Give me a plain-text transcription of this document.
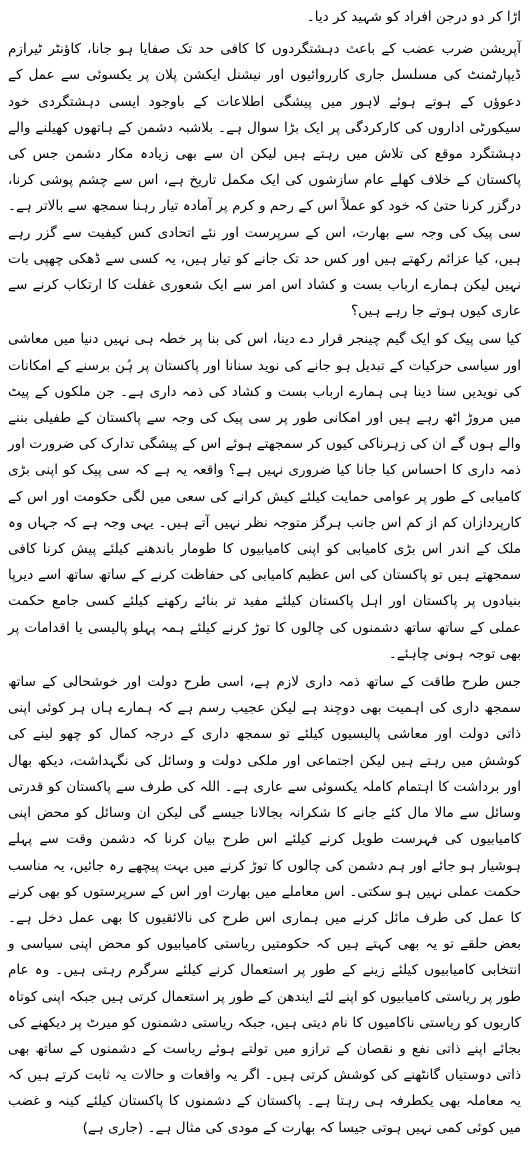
اڑا کر دو درجن افراد کو شہید کر دیا۔

آپریشن ضرب عضب کے باعث دہشتگردوں کا کافی حد تک صفایا ہو جانا، کاؤنٹر ٹیرازم ڈیپارٹمنٹ کی مسلسل جاری کارروائیوں اور نیشنل ایکشن پلان پر یکسوئی سے عمل کے دعوؤں کے ہوتے ہوئے لاہور میں پیشگی اطلاعات کے باوجود ایسی دہشتگردی خود سیکورٹی اداروں کی کارکردگی پر ایک بڑا سوال ہے۔ بلاشبہ دشمن کے ہاتھوں کھیلنے والے دہشتگرد موقع کی تلاش میں رہتے ہیں لیکن ان سے بھی زیادہ مکار دشمن جس کی پاکستان کے خلاف کھلے عام سازشوں کی ایک مکمل تاریخ ہے، اس سے چشم پوشی کرنا، درگزر کرنا حتیٰ کہ خود کو عملاً اس کے رحم و کرم پر آمادہ تیار رہنا سمجھ سے بالاتر ہے۔ سی پیک کی وجہ سے بھارت، اس کے سرپرست اور نئے اتحادی کس کیفیت سے گزر رہے ہیں، کیا عزائم رکھتے ہیں اور کس حد تک جانے کو تیار ہیں، یہ کسی سے ڈھکی چھپی بات نہیں لیکن ہمارے ارباب بست و کشاد اس امر سے ایک شعوری غفلت کا ارتکاب کرنے سے عاری کیوں ہوتے جا رہے ہیں؟

کیا سی پیک کو ایک گیم چینجر قرار دے دینا، اس کی بنا پر خطہ ہی نہیں دنیا میں معاشی اور سیاسی حرکیات کے تبدیل ہو جانے کی نوید سنانا اور پاکستان پر ہُن برسنے کے امکانات کی نویدیں سنا دینا ہی ہمارے ارباب بست و کشاد کی ذمہ داری ہے۔ جن ملکوں کے پیٹ میں مروڑ اٹھ رہے ہیں اور امکانی طور پر سی پیک کی وجہ سے پاکستان کے طفیلی بننے والے ہوں گے ان کی زہرناکی کیوں کر سمجھتے ہوئے اس کے پیشگی تدارک کی ضرورت اور ذمہ داری کا احساس کیا جانا کیا ضروری نہیں ہے؟ واقعہ یہ ہے کہ سی پیک کو اپنی بڑی کامیابی کے طور پر عوامی حمایت کیلئے کیش کرانے کی سعی میں لگی حکومت اور اس کے کارپردازان کم از کم اس جانب ہرگز متوجہ نظر نہیں آتے ہیں۔ یہی وجہ ہے کہ جہاں وہ ملک کے اندر اس بڑی کامیابی کو اپنی کامیابیوں کا طومار باندھنے کیلئے پیش کرنا کافی سمجھتے ہیں تو پاکستان کی اس عظیم کامیابی کی حفاظت کرنے کے ساتھ ساتھ اسے دیرپا بنیادوں پر پاکستان اور اہل پاکستان کیلئے مفید تر بنائے رکھنے کیلئے کسی جامع حکمت عملی کے ساتھ ساتھ دشمنوں کی چالوں کا توڑ کرنے کیلئے ہمہ پہلو پالیسی یا اقدامات پر بھی توجہ ہونی چاہئے۔

جس طرح طاقت کے ساتھ ذمہ داری لازم ہے، اسی طرح دولت اور خوشحالی کے ساتھ سمجھ داری کی اہمیت بھی دوچند ہے لیکن عجیب رسم ہے کہ ہمارے ہاں ہر کوئی اپنی ذاتی دولت اور معاشی پالیسیوں کیلئے تو سمجھ داری کے درجہ کمال کو چھو لینے کی کوشش میں رہتے ہیں لیکن اجتماعی اور ملکی دولت و وسائل کی نگہداشت، دیکھ بھال اور برداشت کا اہتمام کاملہ یکسوئی سے عاری ہے۔ اللہ کی طرف سے پاکستان کو قدرتی وسائل سے مالا مال کئے جانے کا شکرانہ بجالانا جیسے گی لیکن ان وسائل کو محض اپنی کامیابیوں کی فہرست طویل کرنے کیلئے اس طرح بیان کرنا کہ دشمن وقت سے پہلے ہوشیار ہو جائے اور ہم دشمن کی چالوں کا توڑ کرنے میں بہت پیچھے رہ جائیں، یہ مناسب حکمت عملی نہیں ہو سکتی۔ اس معاملے میں بھارت اور اس کے سرپرستوں کو بھی کرنے کا عمل کی طرف مائل کرنے میں ہماری اس طرح کی نالائقیوں کا بھی عمل دخل ہے۔ بعض حلقے تو یہ بھی کہتے ہیں کہ حکومتیں ریاستی کامیابیوں کو محض اپنی سیاسی و انتخابی کامیابیوں کیلئے زینے کے طور پر استعمال کرنے کیلئے سرگرم رہتی ہیں۔ وہ عام طور پر ریاستی کامیابیوں کو اپنے لئے ایندھن کے طور پر استعمال کرتی ہیں جبکہ اپنی کوتاہ کاریوں کو ریاستی ناکامیوں کا نام دیتی ہیں، جبکہ ریاستی دشمنوں کو میرٹ پر دیکھنے کی بجائے اپنے ذاتی نفع و نقصان کے ترازو میں تولتے ہوئے ریاست کے دشمنوں کے ساتھ بھی ذاتی دوستیاں گانٹھنے کی کوشش کرتی ہیں۔ اگر یہ واقعات و حالات یہ ثابت کرتے ہیں کہ یہ معاملہ بھی یکطرفہ ہی رہتا ہے۔ پاکستان کے دشمنوں کا پاکستان کیلئے کینہ و غضب میں کوئی کمی نہیں ہوتی جیسا کہ بھارت کے مودی کی مثال ہے۔ (جاری ہے)
